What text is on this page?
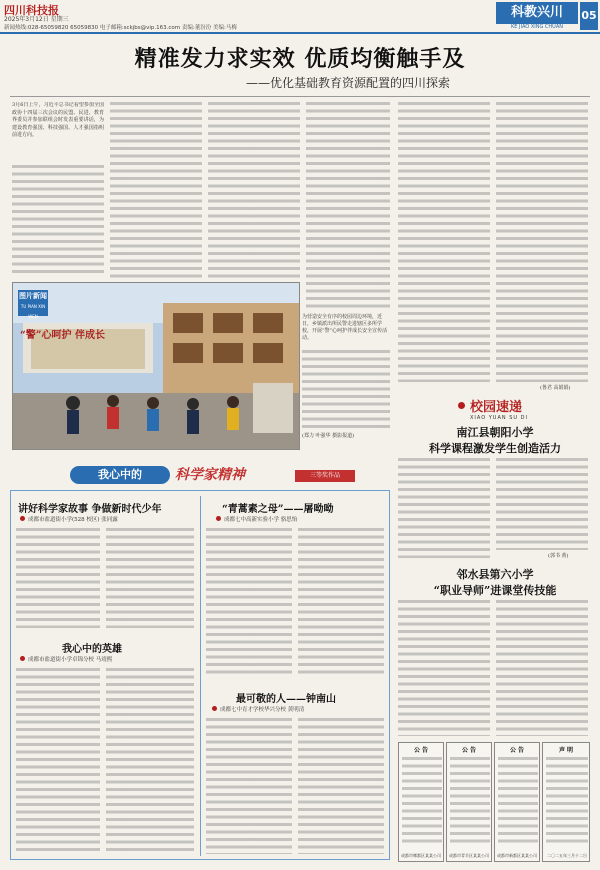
四川科技报
2025年3月12日 星期三
新闻热线:028-65059820 65059830 电子邮箱:sckjbs@vip.163.com 责编:董汾汾 美编:马梅
科教兴川
KE JIAO XING CHUAN
05
精准发力求实效 优质均衡触手及
——优化基础教育资源配置的四川探索
3月6日上午，习近平总书记看望参加全国政协十四届三次会议的民盟、民进、教育界委员并参加联组会时发表重要讲话，为建设教育强国、科技强国、人才强国指明前进方向。
(鲁君 高娟娟)
图片新闻
TU PIAN XIN WEN
“警”心呵护 伴成长
为营造安全有序的校园周边环境，近日，乡镇派出所民警走进辖区多所学校，开展“警”心呵护伴成长安全宣传活动。
(郑力 叶强华 摄影报道)
校园速递
XIAO YUAN SU DI
南江县朝阳小学
科学课程激发学生创造活力
(郭书 黄)
邻水县第六小学
“职业导师”进课堂传技能
公 告
成都市郫都区某某公司
公 告
成都市青羊区某某公司
公 告
成都市新都区某某公司
声 明
二〇二五年三月十二日
我心中的	科学家精神	三等奖作品
讲好科学家故事 争做新时代少年
成都市盐道街小学(528 校区) 张同露
“青蒿素之母”——屠呦呦
成都七中高新实验小学 骆思怡
我心中的英雄
成都市盐道街小学卓锦分校 马靖熙
最可敬的人——钟南山
成都七中育才学校华兴分校 黄明清
